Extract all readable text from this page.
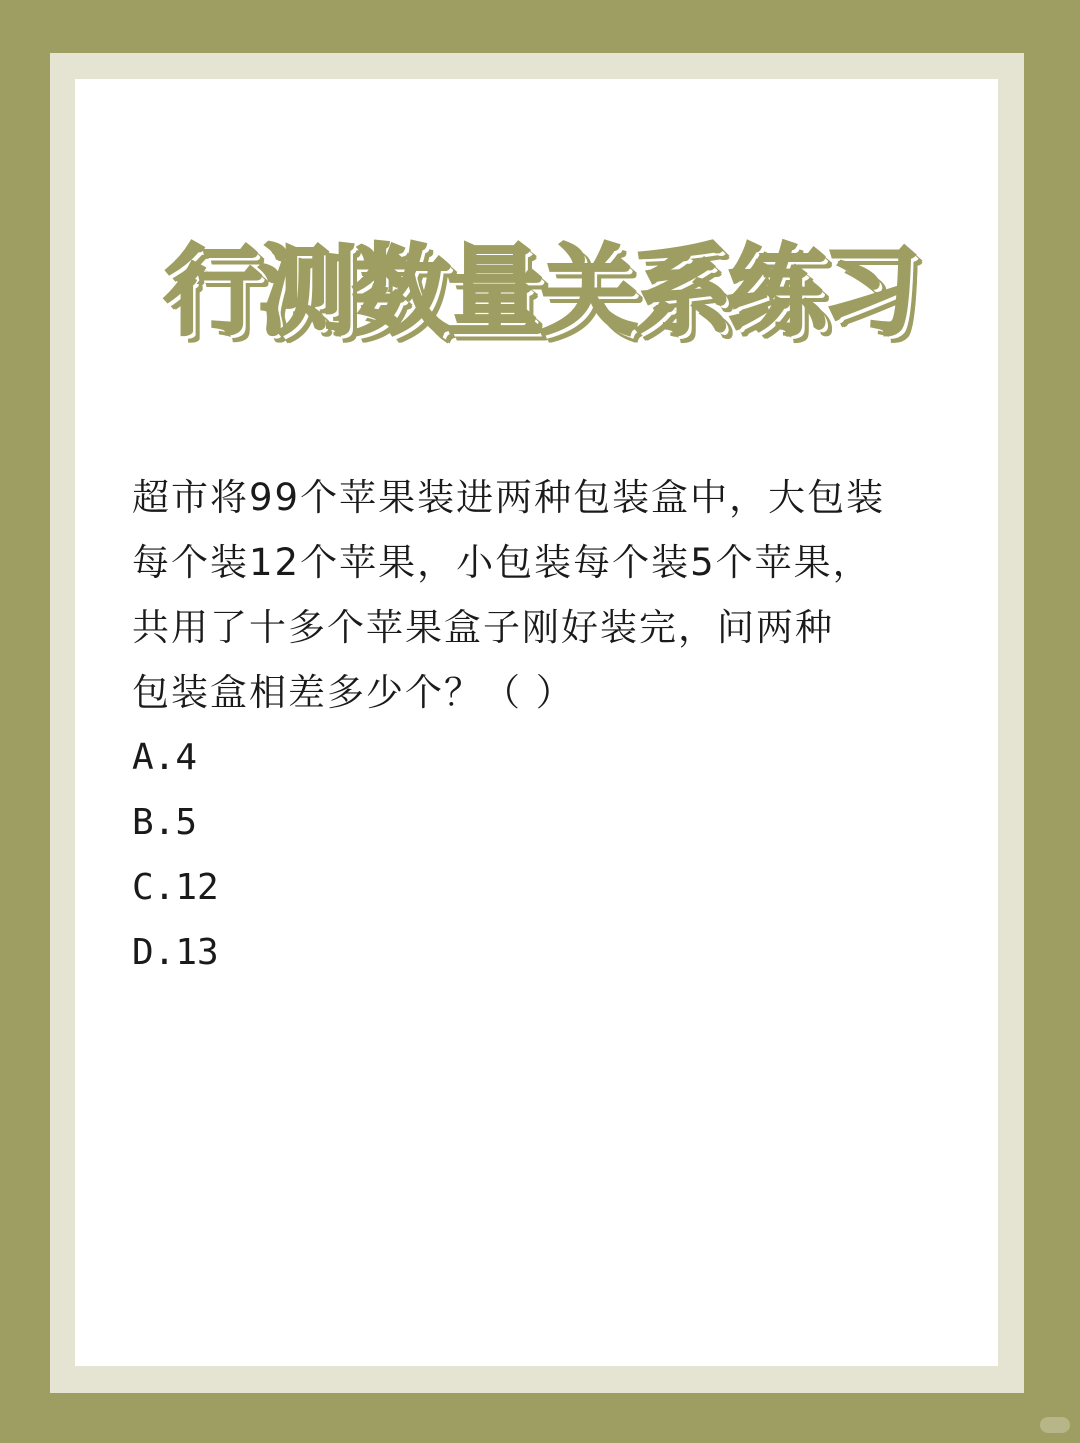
行测数量关系练习

超市将99个苹果装进两种包装盒中，大包装
每个装12个苹果，小包装每个装5个苹果，
共用了十多个苹果盒子刚好装完，问两种
包装盒相差多少个？（ ）

A.4
B.5
C.12
D.13
